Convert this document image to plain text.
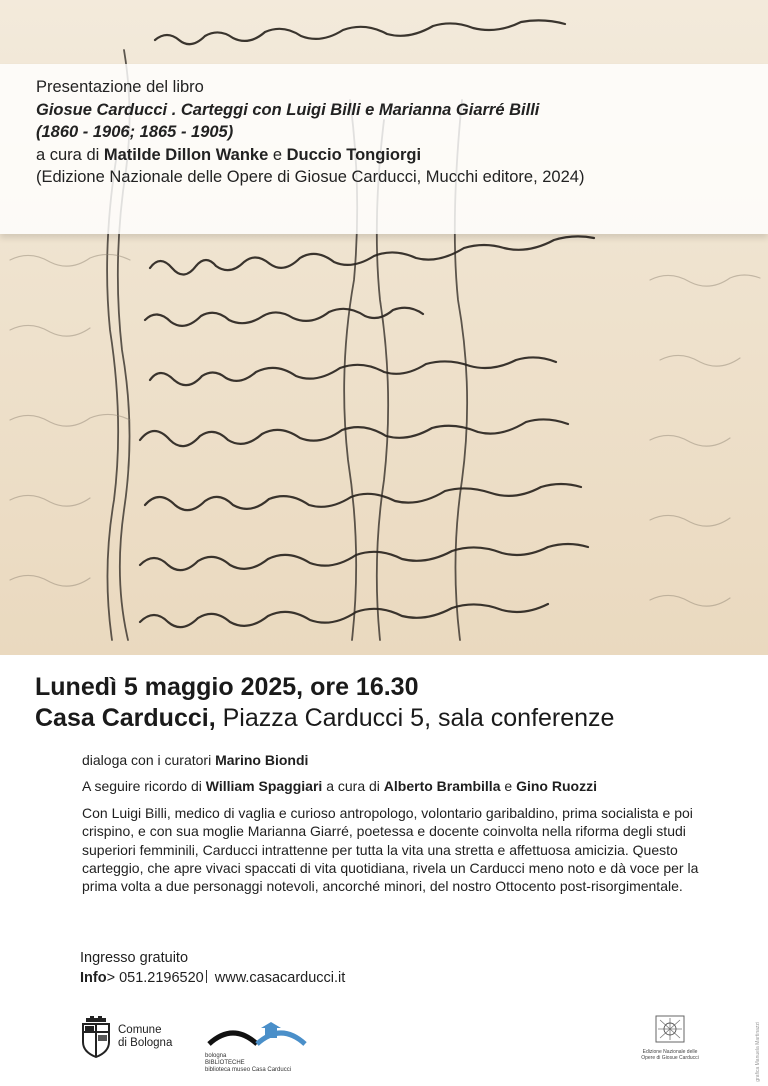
Presentazione del libro
Giosue Carducci . Carteggi con Luigi Billi e Marianna Giarré Billi
(1860 - 1906; 1865 - 1905)
a cura di Matilde Dillon Wanke e Duccio Tongiorgi
(Edizione Nazionale delle Opere di Giosue Carducci, Mucchi editore, 2024)
Lunedì 5 maggio 2025, ore 16.30
Casa Carducci, Piazza Carducci 5, sala conferenze

dialoga con i curatori Marino Biondi

A seguire ricordo di William Spaggiari a cura di Alberto Brambilla e Gino Ruozzi

Con Luigi Billi, medico di vaglia e curioso antropologo, volontario garibaldino, prima socialista e poi crispino, e con sua moglie Marianna Giarré, poetessa e docente coinvolta nella riforma degli studi superiori femminili, Carducci intrattenne per tutta la vita una stretta e affettuosa amicizia. Questo carteggio, che apre vivaci spaccati di vita quotidiana, rivela un Carducci meno noto e dà voce per la prima volta a due personaggi notevoli, ancorché minori, del nostro Ottocento post-risorgimentale.

Ingresso gratuito
Info> 051.2196520 www.casacarducci.it
Comune
di Bologna
bologna
BIBLIOTECHE
biblioteca museo Casa Carducci
Edizione Nazionale delle
Opere di Giosue Carducci	grafica Manuela Martinazzi
